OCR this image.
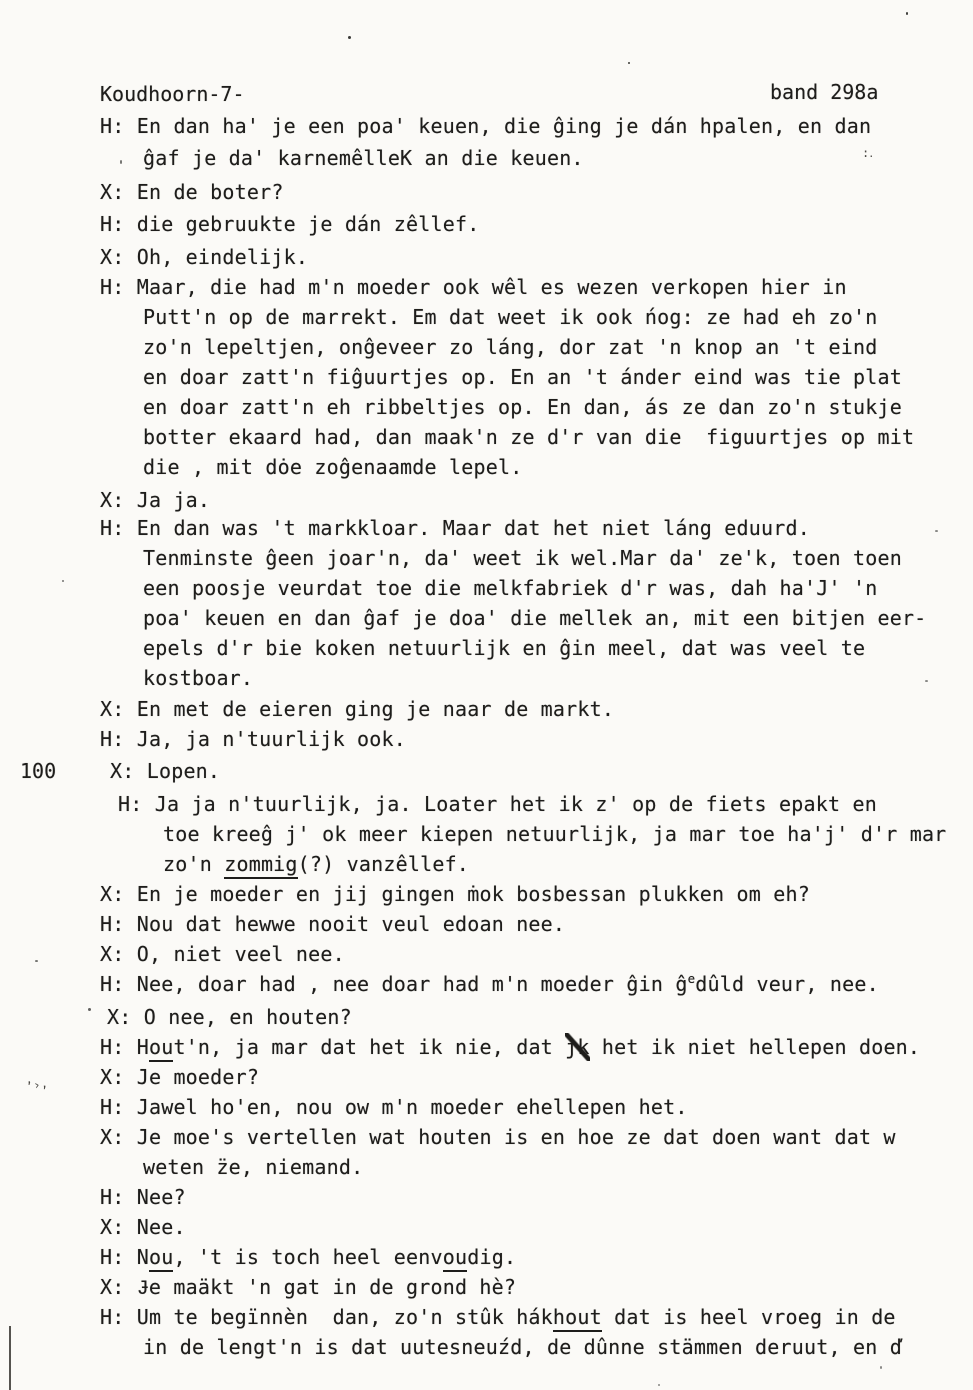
Koudhoorn-7-	band 298a
H: En dan ha' je een poa' keuen, die ĝing je dán hpalen, en dan
ĝaf je da' karnemêlleK an die keuen.
X: En de boter?
H: die gebruukte je dán zêllef.
X: Oh, eindelijk.
H: Maar, die had m'n moeder ook wêl es wezen verkopen hier in
Putt'n op de marrekt. Em dat weet ik ook ńog: ze had eh zo'n
zo'n lepeltjen, onĝeveer zo láng, dor zat 'n knop an 't eind
en doar zatt'n fiĝuurtjes op. En an 't ánder eind was tie plat
en doar zatt'n eh ribbeltjes op. En dan, ás ze dan zo'n stukje
botter ekaard had, dan maak'n ze d'r van die  figuurtjes op mit
die , mit dȯe zoĝenaamde lepel.
X: Ja ja.
H: En dan was 't markkloar. Maar dat het niet láng eduurd.
Tenminste ĝeen joar'n, da' weet ik wel.Mar da' ze'k, toen toen
een poosje veurdat toe die melkfabriek d'r was, dah ha'J' 'n
poa' keuen en dan ĝaf je doa' die mellek an, mit een bitjen eer-
epels d'r bie koken netuurlijk en ĝin meel, dat was veel te
kostboar.
X: En met de eieren ging je naar de markt.
H: Ja, ja n'tuurlijk ook.
X: Lopen.
100
H: Ja ja n'tuurlijk, ja. Loater het ik z' op de fiets epakt en
toe kreeĝ j' ok meer kiepen netuurlijk, ja mar toe ha'j' d'r mar
zo'n zommig(?) vanzêllef.
X: En je moeder en jij gingen ṁok bosbessan plukken om eh?
H: Nou dat hewwe nooit veul edoan nee.
X: O, niet veel nee.
H: Nee, doar had , nee doar had m'n moeder ĝin $ĝ^edûld$ veur, nee.
X: O nee, en houten?
H: Hout'n, ja mar dat het ik nie, dat jk het ik niet hellepen doen.
X: Je moeder?
H: Jawel ho'en, nou ow m'n moeder ehellepen het.
X: Je moe's vertellen wat houten is en hoe ze dat doen want dat w
weten z̈e, niemand.
H: Nee?
X: Nee.
H: Nou, 't is toch heel eenvoudig.
X: Ɉe maäkt 'n gat in de grond hè?
H: Um te begïnnèn  dan, zo'n stûk hákhout dat is heel vroeg in de
in de lengt'n is dat uutesneuźd, de dûnne stämmen deruut, en ď
’›,
:․
